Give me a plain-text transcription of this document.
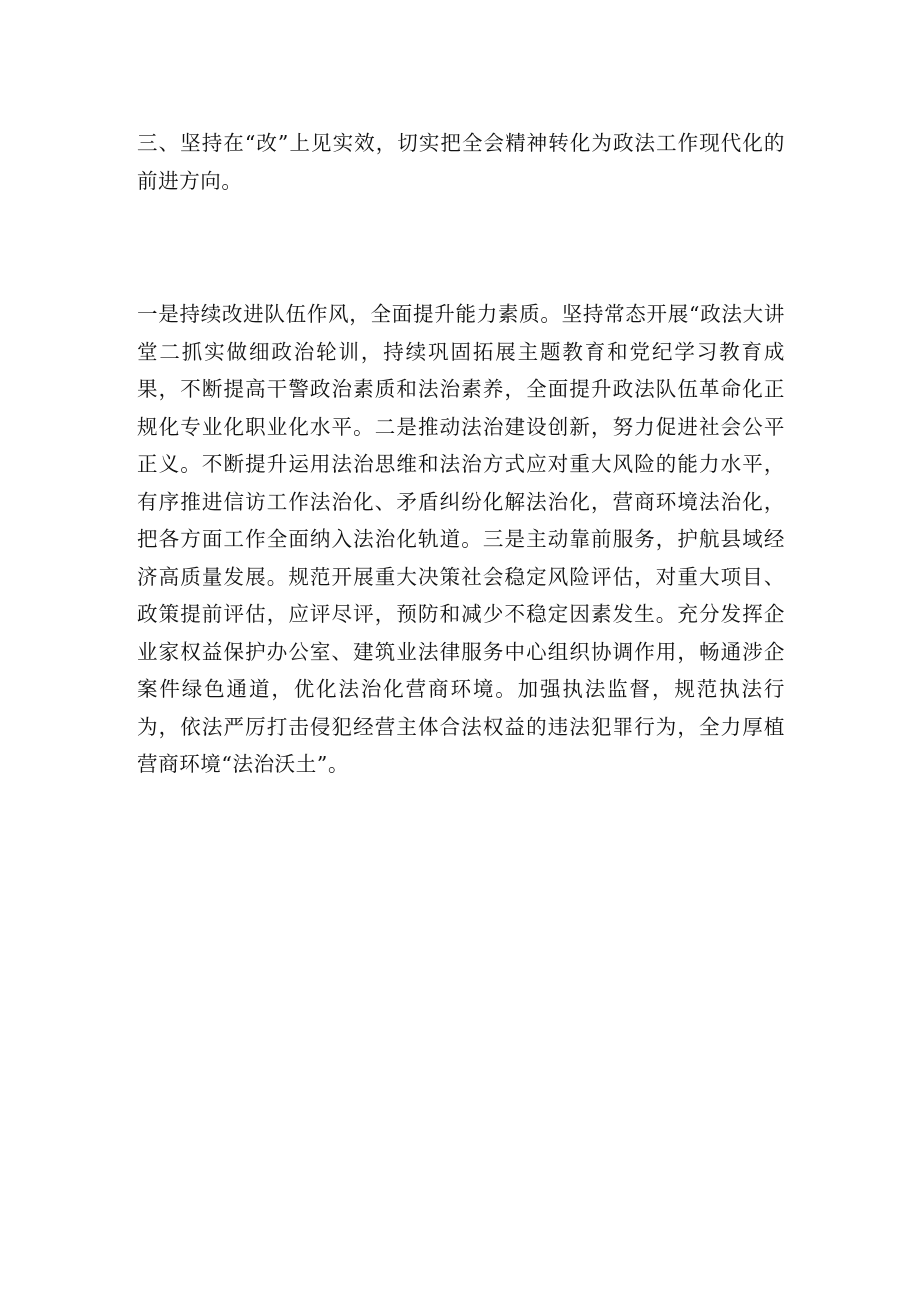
三、坚持在“改”上见实效，切实把全会精神转化为政法工作现代化的前进方向。
一是持续改进队伍作风，全面提升能力素质。坚持常态开展“政法大讲堂二抓实做细政治轮训，持续巩固拓展主题教育和党纪学习教育成果，不断提高干警政治素质和法治素养，全面提升政法队伍革命化正规化专业化职业化水平。二是推动法治建设创新，努力促进社会公平正义。不断提升运用法治思维和法治方式应对重大风险的能力水平，有序推进信访工作法治化、矛盾纠纷化解法治化，营商环境法治化，把各方面工作全面纳入法治化轨道。三是主动靠前服务，护航县域经济高质量发展。规范开展重大决策社会稳定风险评估，对重大项目、政策提前评估，应评尽评，预防和减少不稳定因素发生。充分发挥企业家权益保护办公室、建筑业法律服务中心组织协调作用，畅通涉企案件绿色通道，优化法治化营商环境。加强执法监督，规范执法行为，依法严厉打击侵犯经营主体合法权益的违法犯罪行为，全力厚植营商环境“法治沃土”。
